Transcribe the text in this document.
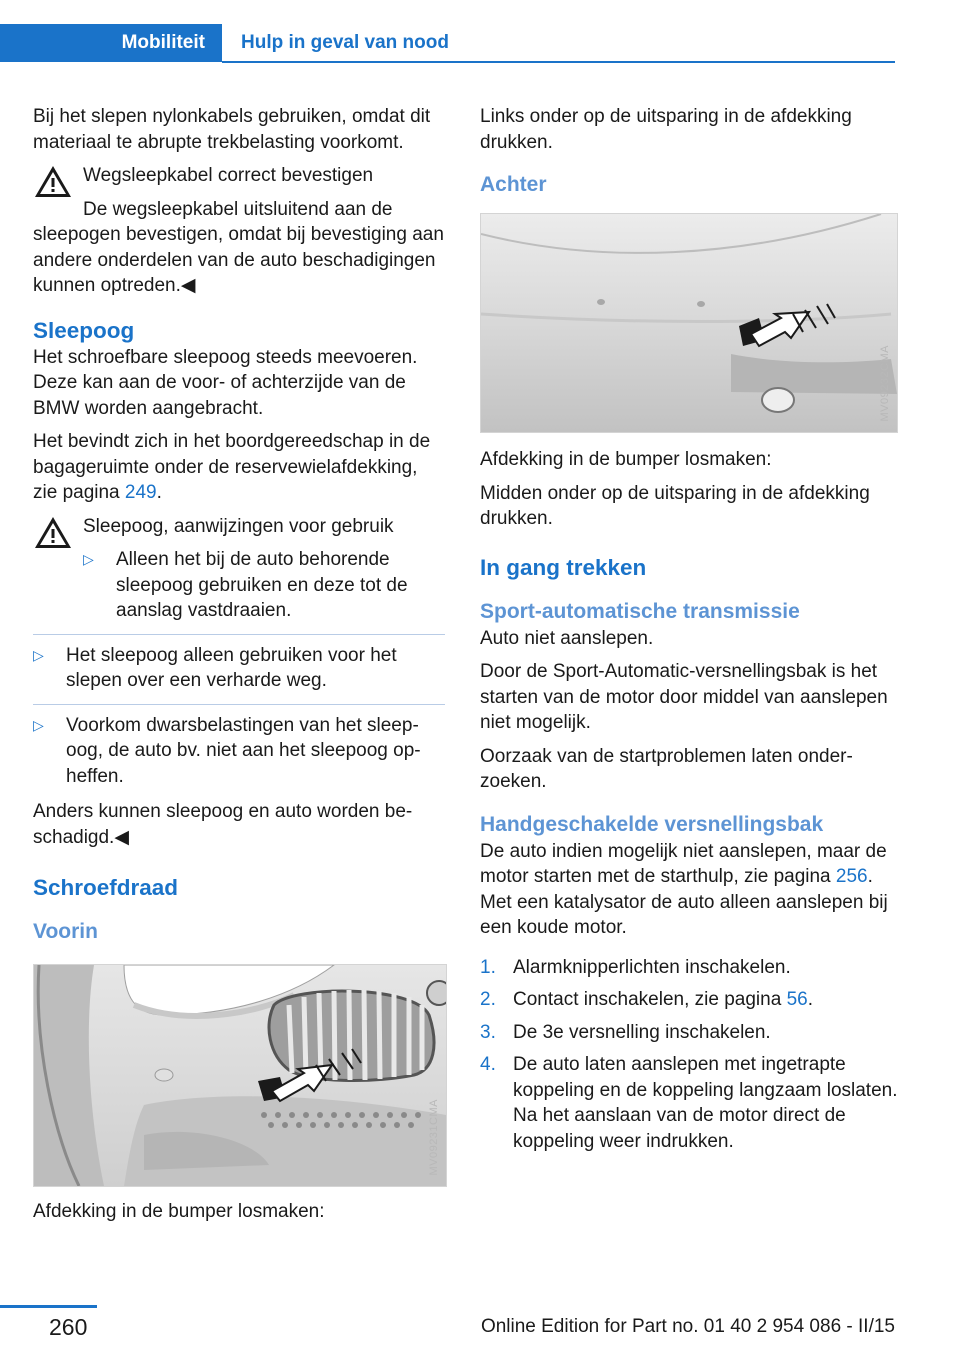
Mobiliteit	Hulp in geval van nood

Bij het slepen nylonkabels gebruiken, omdat dit materiaal te abrupte trekbelasting voorkomt.

Wegsleepkabel correct bevestigen

De wegsleepkabel uitsluitend aan de

sleepogen bevestigen, omdat bij bevestiging aan andere onderdelen van de auto beschadigingen kunnen optreden.◀

Sleepoog

Het schroefbare sleepoog steeds meevoeren. Deze kan aan de voor- of achterzijde van de BMW worden aangebracht.

Het bevindt zich in het boordgereedschap in de bagageruimte onder de reservewielafdekking, zie pagina 249.

Sleepoog, aanwijzingen voor gebruik

▷ Alleen het bij de auto behorende sleepoog gebruiken en deze tot de aanslag vastdraaien.
▷ Het sleepoog alleen gebruiken voor het slepen over een verharde weg.
▷ Voorkom dwarsbelastingen van het sleepoog, de auto bv. niet aan het sleepoog opheffen.

Anders kunnen sleepoog en auto worden beschadigd.◀

Schroefdraad
Voorin
MV09231CMA

Afdekking in de bumper losmaken:

Links onder op de uitsparing in de afdekking drukken.

Achter
MV09232CMA

Afdekking in de bumper losmaken:

Midden onder op de uitsparing in de afdekking drukken.

In gang trekken
Sport-automatische transmissie

Auto niet aanslepen.

Door de Sport-Automatic-versnellingsbak is het starten van de motor door middel van aanslepen niet mogelijk.

Oorzaak van de startproblemen laten onderzoeken.

Handgeschakelde versnellingsbak

De auto indien mogelijk niet aanslepen, maar de motor starten met de starthulp, zie pagina 256. Met een katalysator de auto alleen aanslepen bij een koude motor.

1. Alarmknipperlichten inschakelen.
2. Contact inschakelen, zie pagina 56.
3. De 3e versnelling inschakelen.
4. De auto laten aanslepen met ingetrapte koppeling en de koppeling langzaam loslaten. Na het aanslaan van de motor direct de koppeling weer indrukken.
260	Online Edition for Part no. 01 40 2 954 086 - II/15
